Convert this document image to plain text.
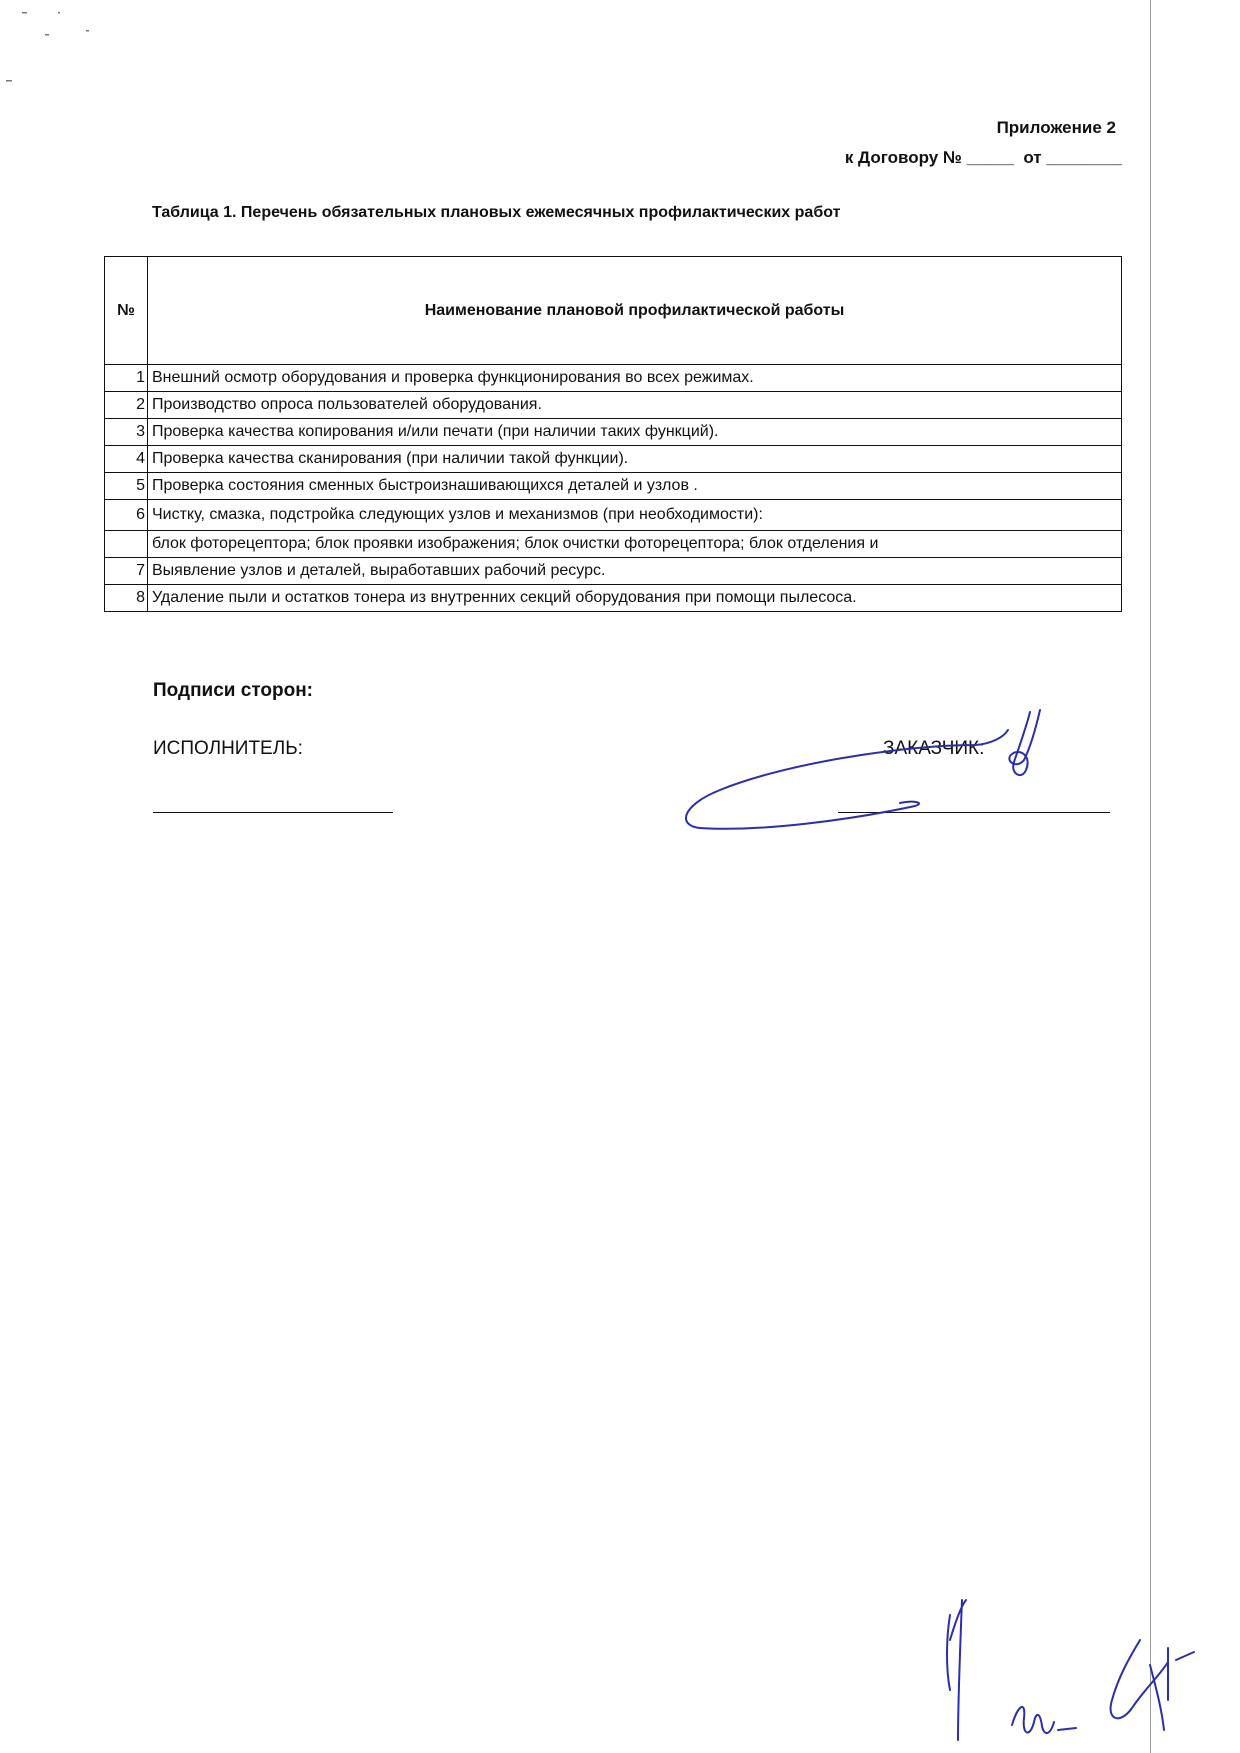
Приложение 2
к Договору № _____  от ________
Таблица 1. Перечень обязательных плановых ежемесячных профилактических работ
№	Наименование плановой профилактической работы
1	Внешний осмотр оборудования и проверка функционирования во всех режимах.
2	Производство опроса пользователей оборудования.
3	Проверка качества копирования и/или печати (при наличии таких функций).
4	Проверка качества сканирования (при наличии такой функции).
5	Проверка состояния сменных быстроизнашивающихся деталей и узлов .
6	Чистку, смазка, подстройка следующих узлов и механизмов (при необходимости):
	блок фоторецептора; блок проявки изображения; блок очистки фоторецептора; блок отделения и
7	Выявление узлов и деталей, выработавших рабочий ресурс.
8	Удаление пыли и остатков тонера из внутренних секций оборудования при помощи пылесоса.
Подписи сторон:
ИСПОЛНИТЕЛЬ:	ЗАКАЗЧИК:
